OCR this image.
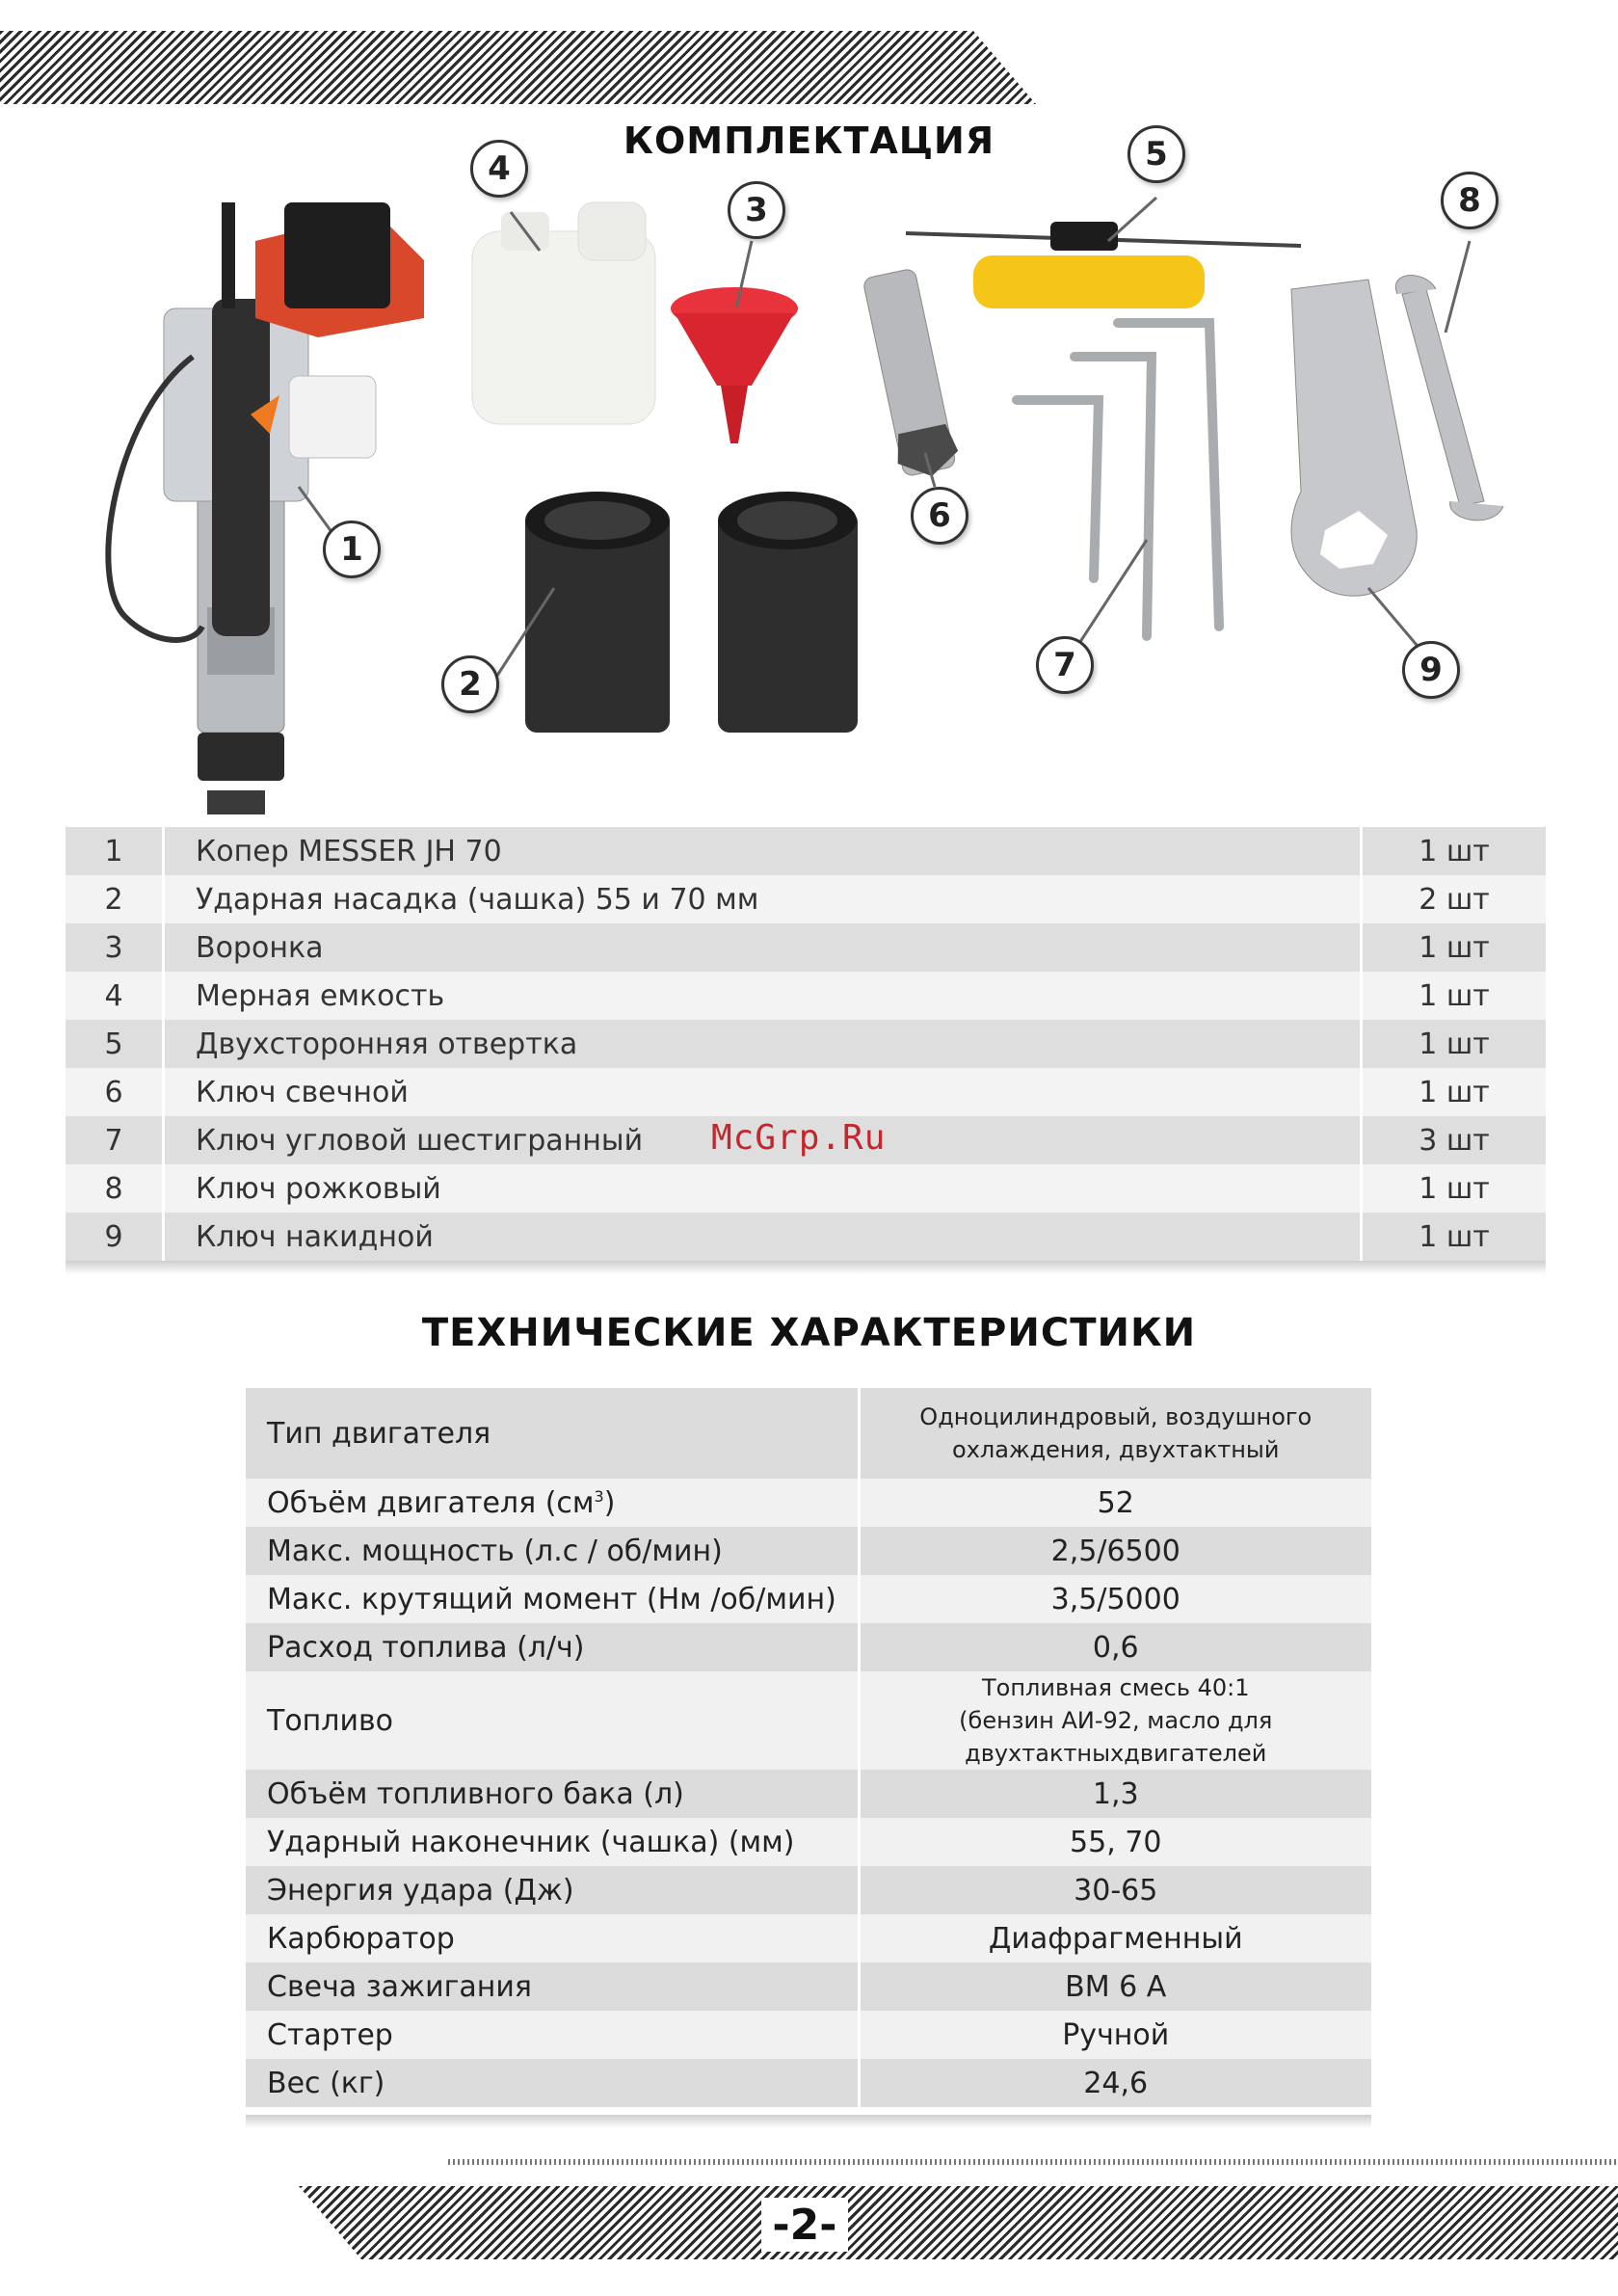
КОМПЛЕКТАЦИЯ
1
2
3
4	5
6
7
8
9
1	Копер MESSER JH 70	1 шт
2	Ударная насадка (чашка) 55 и 70 мм	2 шт
3	Воронка	1 шт
4	Мерная емкость	1 шт
5	Двухсторонняя отвертка	1 шт
6	Ключ свечной	1 шт
7	Ключ угловой шестигранный	3 шт
8	Ключ рожковый	1 шт
9	Ключ накидной	1 шт
McGrp.Ru
ТЕХНИЧЕСКИЕ ХАРАКТЕРИСТИКИ
Тип двигателя	Одноцилиндровый, воздушного
охлаждения, двухтактный
Объём двигателя $(см^3)$	52
Макс. мощность (л.с / об/мин)	2,5/6500
Макс. крутящий момент (Нм /об/мин)	3,5/5000
Расход топлива (л/ч)	0,6
Топливо	Топливная смесь 40:1
(бензин АИ-92, масло для
двухтактныхдвигателей
Объём топливного бака (л)	1,3
Ударный наконечник (чашка) (мм)	55, 70
Энергия удара (Дж)	30-65
Карбюратор	Диафрагменный
Свеча зажигания	BM 6 A
Стартер	Ручной
Вес (кг)	24,6
-2-
